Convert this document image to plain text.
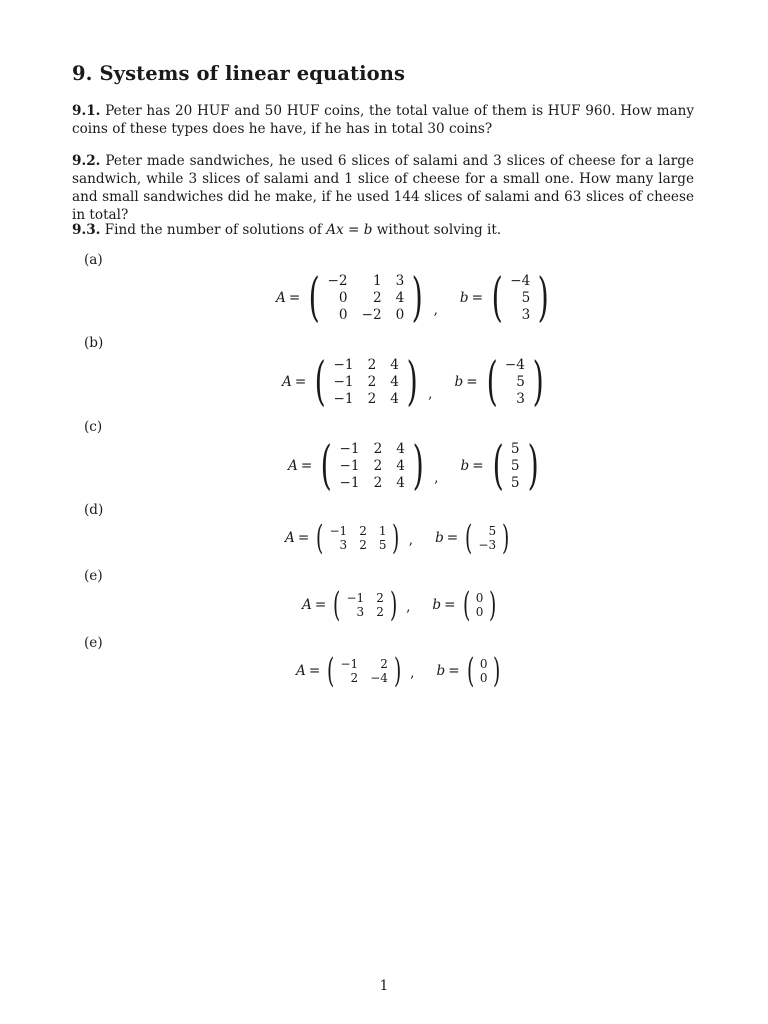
9. Systems of linear equations

9.1. Peter has 20 HUF and 50 HUF coins, the total value of them is HUF 960. How many coins of these types does he have, if he has in total 30 coins?

9.2. Peter made sandwiches, he used 6 slices of salami and 3 slices of cheese for a large sandwich, while 3 slices of salami and 1 slice of cheese for a small one. How many large and small sandwiches did he make, if he used 144 slices of salami and 63 slices of cheese in total?

9.3. Find the number of solutions of Ax = b without solving it.

(a)
(b)
(c)
(d)
(e)
(e)
A = ( −2	1 3
0	2 4
0 −2 0 ) ,
b = ( −4
5
3 )
A = ( −1 2 4
−1 2 4
−1 2 4 ) ,
b = ( −4
5
3 )
A = ( −1 2 4
−1 2 4
−1 2 4 ) ,
b = ( 5
5
5 )
A = ( −1 2 1
3 2 5 ) , b = (	5
−3 )
A = ( −1 2
3 2 ) , b = ( 0
0 )
A = ( −1	2
2 −4 ) , b = ( 0
0 )
1
